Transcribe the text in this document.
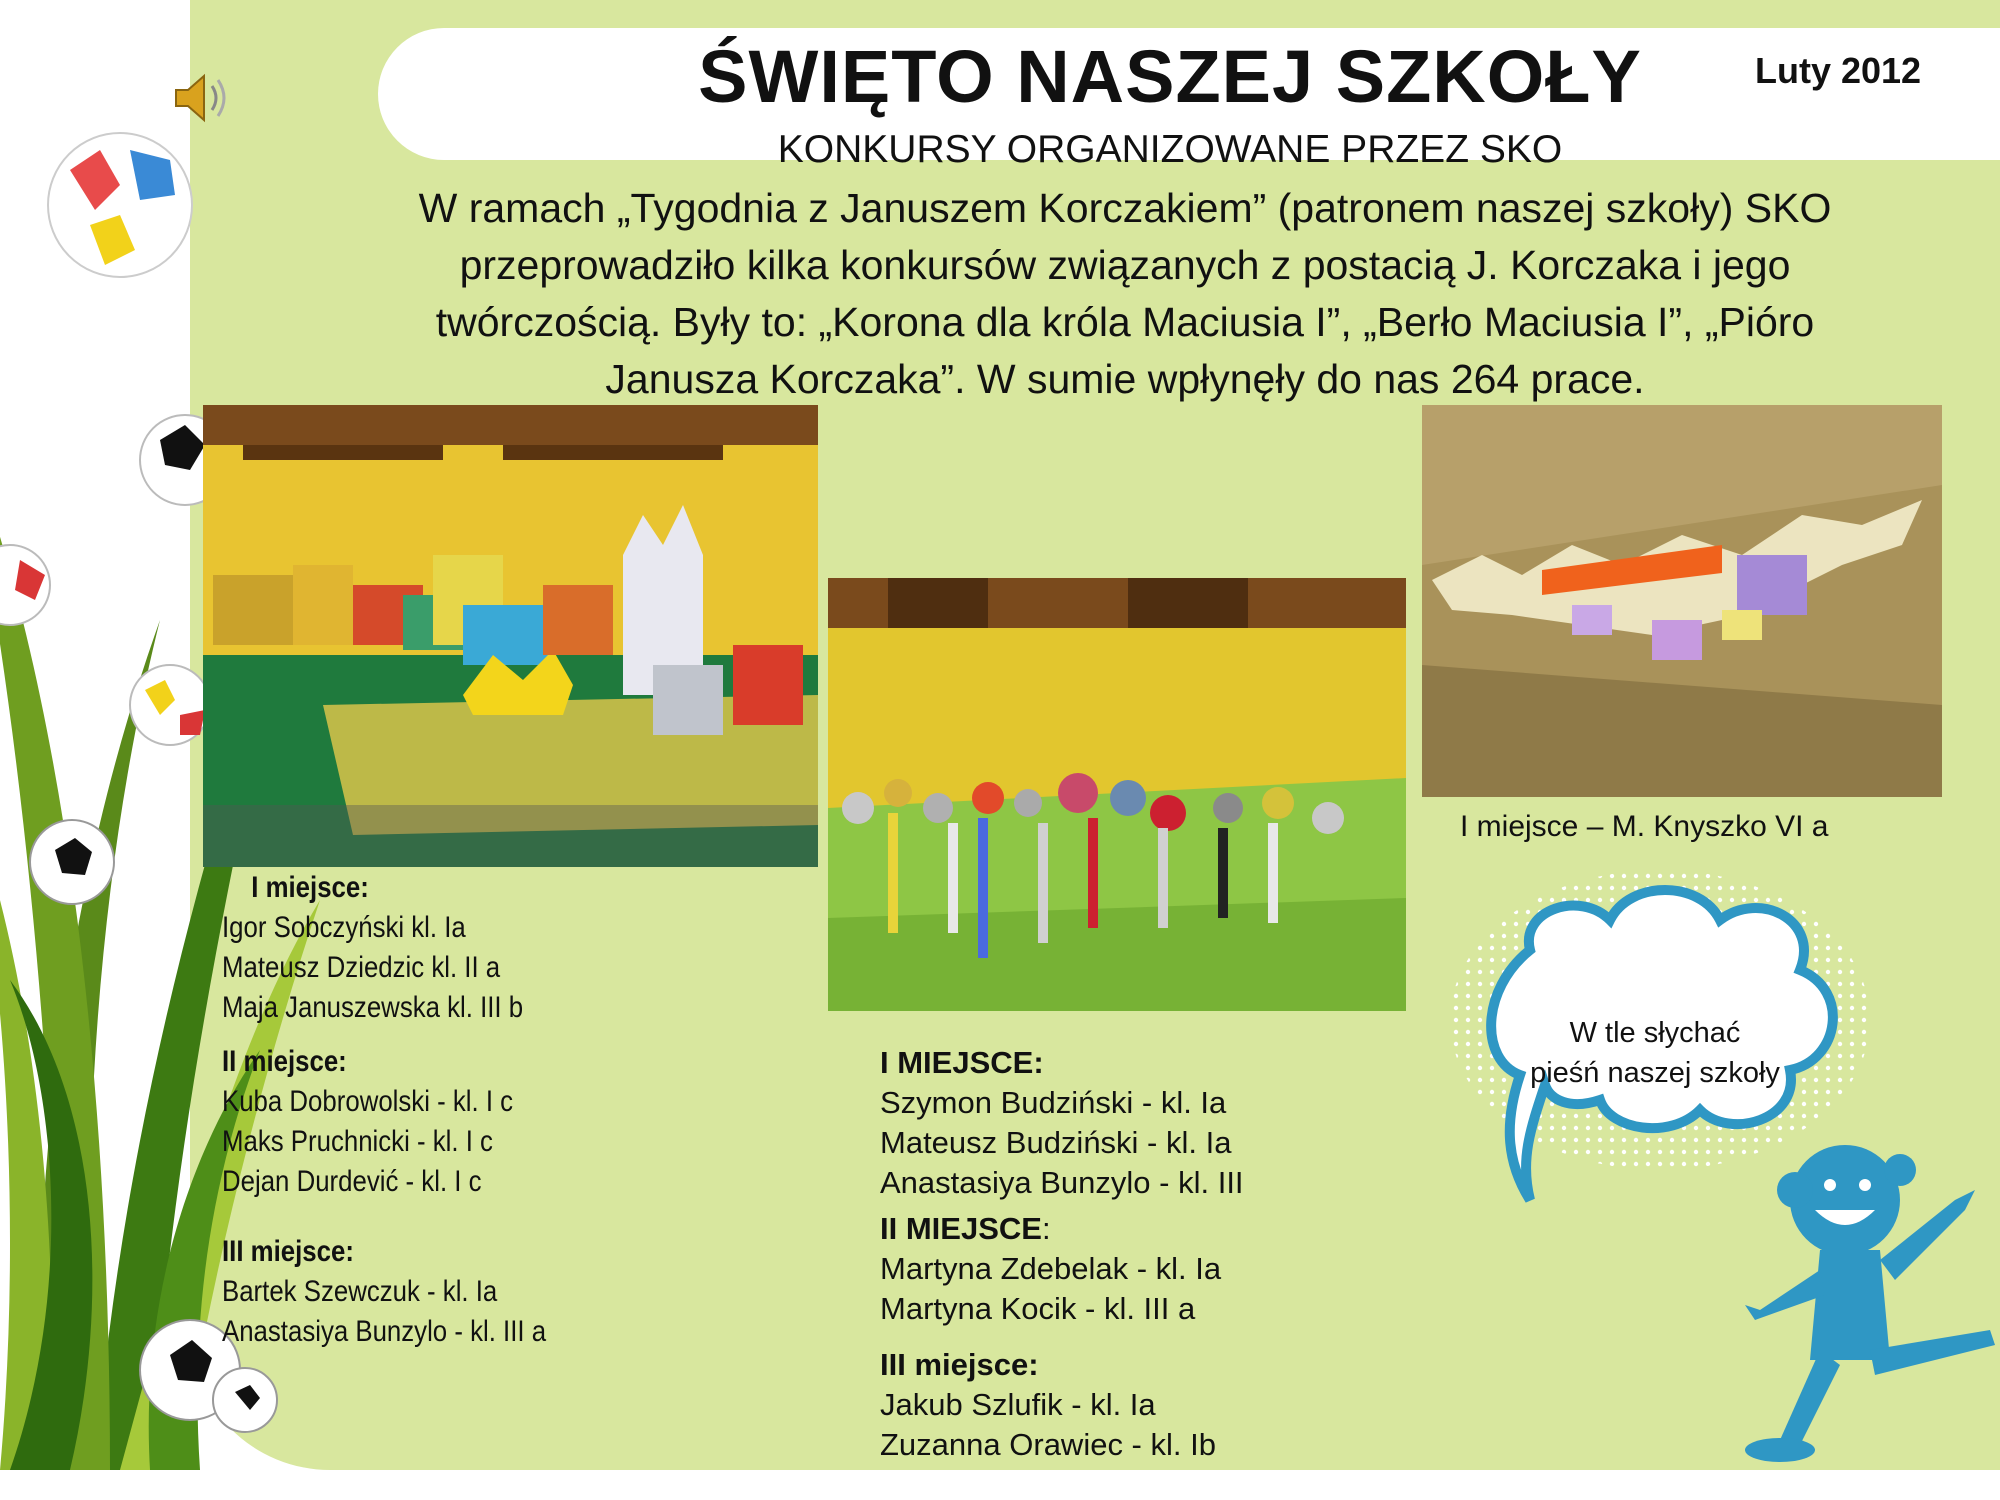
ŚWIĘTO NASZEJ SZKOŁY	Luty 2012
KONKURSY ORGANIZOWANE PRZEZ SKO
W ramach „Tygodnia z Januszem Korczakiem” (patronem naszej szkoły) SKO
przeprowadziło kilka konkursów związanych z postacią J. Korczaka i jego
twórczością. Były to: „Korona dla króla Maciusia I”, „Berło Maciusia I”, „Pióro
Janusza Korczaka”. W sumie wpłynęły do nas 264 prace.
I miejsce:
Igor Sobczyński kl. Ia
Mateusz Dziedzic kl. II a
Maja Januszewska kl. III b
II miejsce:
Kuba Dobrowolski - kl. I c
Maks Pruchnicki - kl. I c
Dejan Durdević - kl. I c
III miejsce:
Bartek Szewczuk - kl. Ia
Anastasiya Bunzylo - kl. III a
I MIEJSCE:
Szymon Budziński - kl. Ia
Mateusz Budziński - kl. Ia
Anastasiya Bunzylo - kl. III
II MIEJSCE:
Martyna Zdebelak - kl. Ia
Martyna Kocik - kl. III a
III miejsce:
Jakub Szlufik - kl. Ia
Zuzanna Orawiec - kl. Ib
I miejsce – M. Knyszko VI a
W tle słychać
pieśń naszej szkoły
